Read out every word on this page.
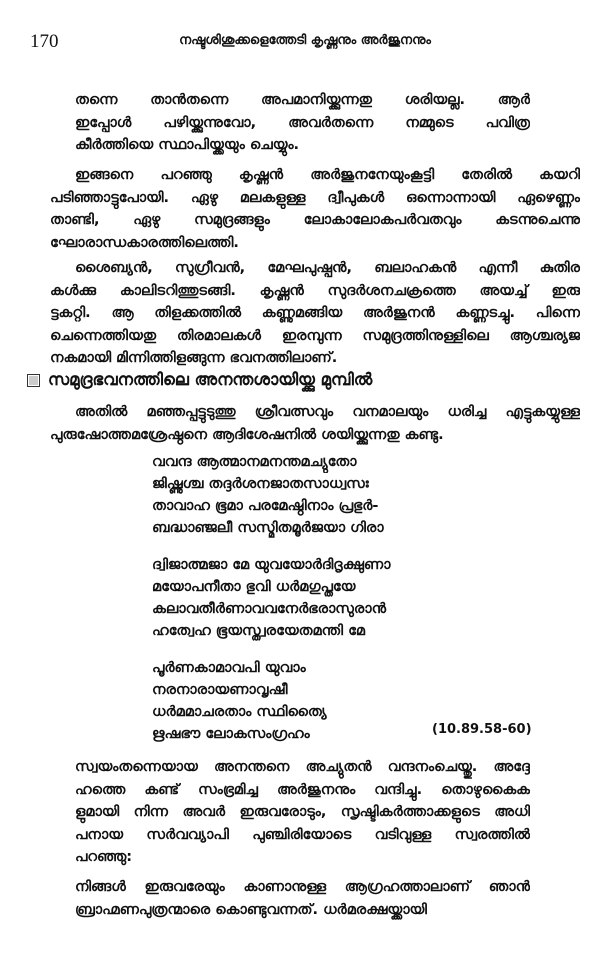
170	നഷ്ടശിശുക്കളെത്തേടി കൃഷ്ണനും അർജുനനും
തന്നെ താൻതന്നെ അപമാനിയ്ക്കുന്നതു ശരിയല്ല. ആർ
ഇപ്പോൾ പഴിയ്ക്കുന്നുവോ, അവർതന്നെ നമ്മുടെ പവിത്ര
കീർത്തിയെ സ്ഥാപിയ്ക്കയും ചെയ്യും.
ഇങ്ങനെ പറഞ്ഞു കൃഷ്ണൻ അർജുനനേയുംകൂട്ടി തേരിൽ കയറി
പടിഞ്ഞാട്ടുപോയി. ഏഴു മലകളുള്ള ദ്വീപുകൾ ഒന്നൊന്നായി ഏഴെണ്ണം
താണ്ടി, ഏഴു സമുദ്രങ്ങളും ലോകാലോകപർവതവും കടന്നുചെന്നു
ഘോരാന്ധകാരത്തിലെത്തി.
ശൈബ്യൻ, സുഗ്രീവൻ, മേഘപുഷ്പൻ, ബലാഹകൻ എന്നീ കുതിര
കൾക്കു കാലിടറിത്തുടങ്ങി. കൃഷ്ണൻ സുദർശനചക്രത്തെ അയച്ച് ഇരു
ട്ടകറ്റി. ആ തിളക്കത്തിൽ കണ്ണുമങ്ങിയ അർജുനൻ കണ്ണടച്ചു. പിന്നെ
ചെന്നെത്തിയതു തിരമാലകൾ ഇരമ്പുന്ന സമുദ്രത്തിനുള്ളിലെ ആശ്ചര്യജ
നകമായി മിന്നിത്തിളങ്ങുന്ന ഭവനത്തിലാണ്.
സമുദ്രഭവനത്തിലെ അനന്തശായിയ്ക്കു മുമ്പിൽ
അതിൽ മഞ്ഞപ്പട്ടുടുത്തു ശ്രീവത്സവും വനമാലയും ധരിച്ച എട്ടുകയ്യുള്ള
പുരുഷോത്തമശ്രേഷ്ഠനെ ആദിശേഷനിൽ ശയിയ്ക്കുന്നതു കണ്ടു.
വവന്ദ ആത്മാനമനന്തമച്യുതോ
ജിഷ്ണുശ്ച തദ്ദർശനജാതസാധ്വസഃ
താവാഹ ഭൂമാ പരമേഷ്ഠിനാം പ്രഭുർ-
ബദ്ധാഞ്ജലീ സസ്മിതമൂർജയാ ഗിരാ
ദ്വിജാത്മജാ മേ യുവയോർദിദൃക്ഷുണാ
മയോപനീതാ ഭുവി ധർമഗുപ്തയേ
കലാവതീർണാവവനേർഭരാസുരാൻ
ഹത്വേഹ ഭൂയസ്ത്വരയേതമന്തി മേ
പൂർണകാമാവപി യുവാം
നരനാരായണാവൃഷീ
ധർമമാചരതാം സ്ഥിത്യൈ
ഋഷഭൗ ലോകസംഗ്രഹം	(10.89.58-60)
സ്വയംതന്നെയായ അനന്തനെ അച്യുതൻ വന്ദനംചെയ്തു. അദ്ദേ
ഹത്തെ കണ്ട് സംഭ്രമിച്ച അർജുനനും വന്ദിച്ചു. തൊഴുകൈക
ളുമായി നിന്ന അവർ ഇരുവരോടും, സൃഷ്ടികർത്താക്കളുടെ അധി
പനായ സർവവ്യാപി പുഞ്ചിരിയോടെ വടിവുള്ള സ്വരത്തിൽ
പറഞ്ഞു:
നിങ്ങൾ ഇരുവരേയും കാണാനുള്ള ആഗ്രഹത്താലാണ് ഞാൻ
ബ്രാഹ്മണപുത്രന്മാരെ കൊണ്ടുവന്നത്. ധർമരക്ഷയ്ക്കായി
